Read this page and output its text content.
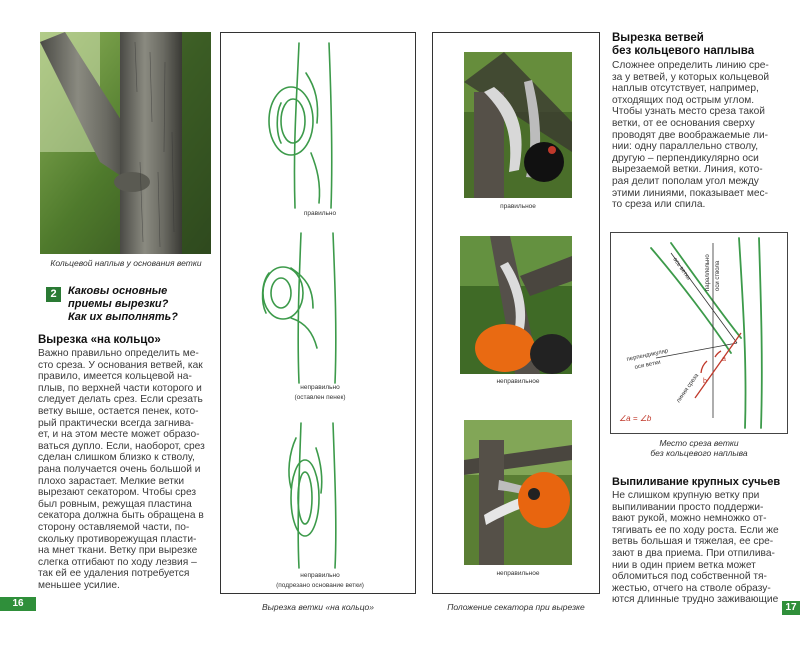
Кольцевой наплыв у основания ветки
2	Каковы основные
приемы вырезки?
Как их выполнять?
Вырезка «на кольцо»
Важно правильно определить ме-
сто среза. У основания ветвей, как
правило, имеется кольцевой на-
плыв, по верхней части которого и
следует делать срез. Если срезать
ветку выше, остается пенек, кото-
рый практически всегда загнива-
ет, и на этом месте может образо-
ваться дупло. Если, наоборот, срез
сделан слишком близко к стволу,
рана получается очень большой и
плохо зарастает. Мелкие ветки
вырезают секатором. Чтобы срез
был ровным, режущая пластина
секатора должна быть обращена в
сторону оставляемой части, по-
скольку противорежущая пласти-
на мнет ткани. Ветку при вырезке
слегка отгибают по ходу лезвия –
так ей ее удаления потребуется
меньшее усилие.
16
правильно
неправильно
(оставлен пенек)
неправильно
(подрезано основание ветки)
Вырезка ветки «на кольцо»
правильное
неправильное
неправильное
Положение секатора при вырезке
Вырезка ветвей
без кольцевого наплыва
Сложнее определить линию сре-
за у ветвей, у которых кольцевой
наплыв отсутствует, например,
отходящих под острым углом.
Чтобы узнать место среза такой
ветки, от ее основания сверху
проводят две воображаемые ли-
нии: одну параллельно стволу,
другую – перпендикулярно оси
вырезаемой ветки. Линия, кото-
рая делит пополам угол между
этими линиями, показывает мес-
то среза или спила.
ось ветки параллельно оси ствола
перпендикуляр
оси ветки
линия среза
a
b
∠a = ∠b
Место среза ветки
без кольцевого наплыва
Выпиливание крупных сучьев
Не слишком крупную ветку при
выпиливании просто поддержи-
вают рукой, можно немножко от-
тягивать ее по ходу роста. Если же
ветвь большая и тяжелая, ее сре-
зают в два приема. При отпилива-
нии в один прием ветка может
обломиться под собственной тя-
жестью, отчего на стволе образу-
ются длинные трудно заживающие
17
